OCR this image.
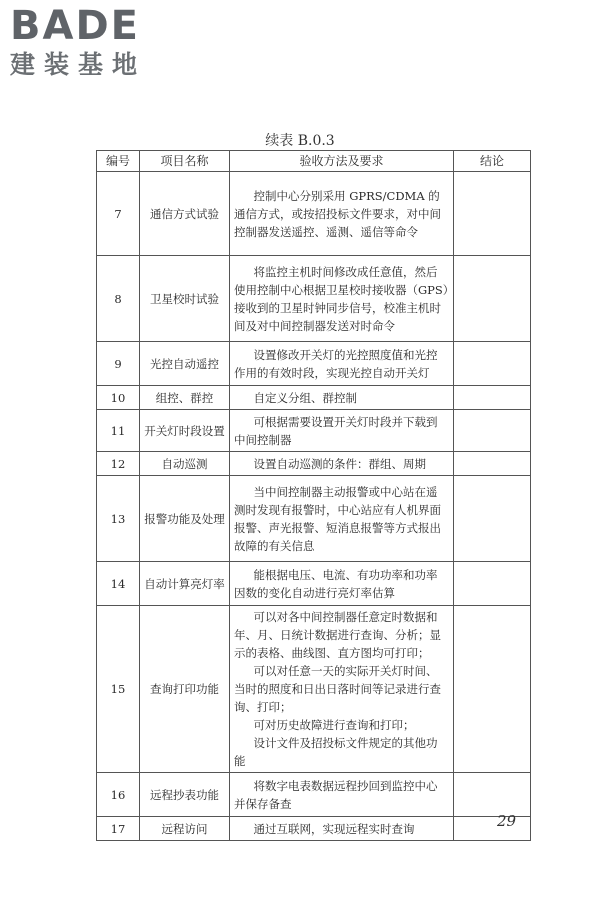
BADE
建装基地
续表 B.0.3
编号	项目名称	验收方法及要求	结论
7	通信方式试验	控制中心分别采用 GPRS/CDMA 的通信方式，或按招投标文件要求，对中间控制器发送遥控、遥测、遥信等命令	

8	卫星校时试验	将监控主机时间修改成任意值，然后使用控制中心根据卫星校时接收器（GPS）接收到的卫星时钟同步信号，校准主机时间及对中间控制器发送对时命令	

9	光控自动遥控	设置修改开关灯的光控照度值和光控作用的有效时段，实现光控自动开关灯	

10	组控、群控	自定义分组、群控制	

11	开关灯时段设置	可根据需要设置开关灯时段并下载到中间控制器	

12	自动巡测	设置自动巡测的条件：群组、周期	

13	报警功能及处理	当中间控制器主动报警或中心站在遥测时发现有报警时，中心站应有人机界面报警、声光报警、短消息报警等方式报出故障的有关信息	

14	自动计算亮灯率	能根据电压、电流、有功功率和功率因数的变化自动进行亮灯率估算	

15	查询打印功能	可以对各中间控制器任意定时数据和年、月、日统计数据进行查询、分析；显示的表格、曲线图、直方图均可打印；

可以对任意一天的实际开关灯时间、当时的照度和日出日落时间等记录进行查询、打印；

可对历史故障进行查询和打印；

设计文件及招投标文件规定的其他功能	

16	远程抄表功能	将数字电表数据远程抄回到监控中心并保存备查	

17	远程访问	通过互联网，实现远程实时查询	

		29
